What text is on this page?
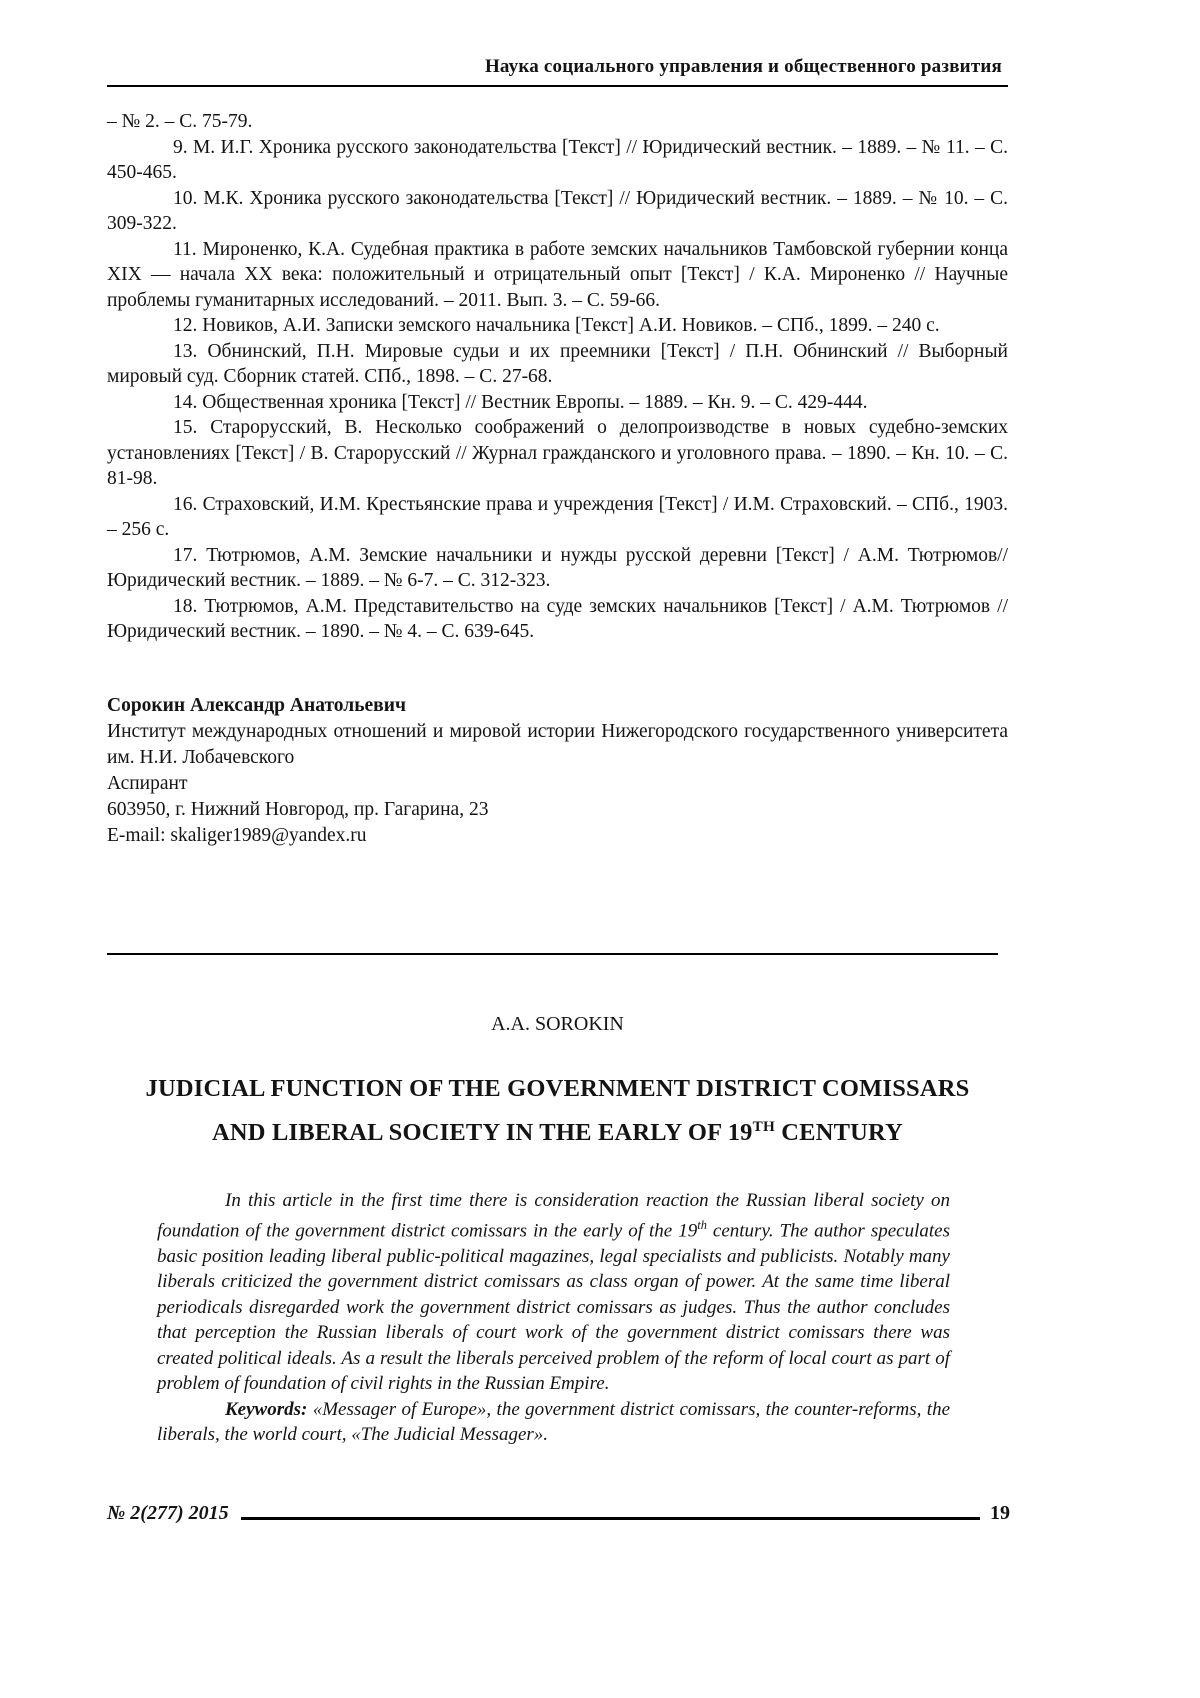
Наука социального управления и общественного развития

– № 2. – С. 75-79.

9. М. И.Г. Хроника русского законодательства [Текст] // Юридический вестник. – 1889. – № 11. – С. 450-465.

10. М.К. Хроника русского законодательства [Текст] // Юридический вестник. – 1889. – № 10. – С. 309-322.

11. Мироненко, К.А. Судебная практика в работе земских начальников Тамбовской губернии конца XIX — начала XX века: положительный и отрицательный опыт [Текст] / К.А. Мироненко // Научные проблемы гуманитарных исследований. – 2011. Вып. 3. – С. 59-66.

12. Новиков, А.И. Записки земского начальника [Текст] А.И. Новиков. – СПб., 1899. – 240 с.

13. Обнинский, П.Н. Мировые судьи и их преемники [Текст] / П.Н. Обнинский // Выборный мировый суд. Сборник статей. СПб., 1898. – С. 27-68.

14. Общественная хроника [Текст] // Вестник Европы. – 1889. – Кн. 9. – С. 429-444.

15. Старорусский, В. Несколько соображений о делопроизводстве в новых судебно-земских установлениях [Текст] / В. Старорусский // Журнал гражданского и уголовного права. – 1890. – Кн. 10. – С. 81-98.

16. Страховский, И.М. Крестьянские права и учреждения [Текст] / И.М. Страховский. – СПб., 1903. – 256 с.

17. Тютрюмов, А.М. Земские начальники и нужды русской деревни [Текст] / А.М. Тютрюмов// Юридический вестник. – 1889. – № 6-7. – С. 312-323.

18. Тютрюмов, А.М. Представительство на суде земских начальников [Текст] / А.М. Тютрюмов // Юридический вестник. – 1890. – № 4. – С. 639-645.

Сорокин Александр Анатольевич

Институт международных отношений и мировой истории Нижегородского государственного университета им. Н.И. Лобачевского

Аспирант

603950, г. Нижний Новгород, пр. Гагарина, 23

E-mail: skaliger1989@yandex.ru

A.A. SOROKIN
JUDICIAL FUNCTION OF THE GOVERNMENT DISTRICT COMISSARS
AND LIBERAL SOCIETY IN THE EARLY OF 19TH CENTURY

In this article in the first time there is consideration reaction the Russian liberal society on foundation of the government district comissars in the early of the 19th century. The author speculates basic position leading liberal public-political magazines, legal specialists and publicists. Notably many liberals criticized the government district comissars as class organ of power. At the same time liberal periodicals disregarded work the government district comissars as judges. Thus the author concludes that perception the Russian liberals of court work of the government district comissars there was created political ideals. As a result the liberals perceived problem of the reform of local court as part of problem of foundation of civil rights in the Russian Empire.

Keywords: «Messager of Europe», the government district comissars, the counter-reforms, the liberals, the world court, «The Judicial Messager».

№ 2(277) 2015	19
